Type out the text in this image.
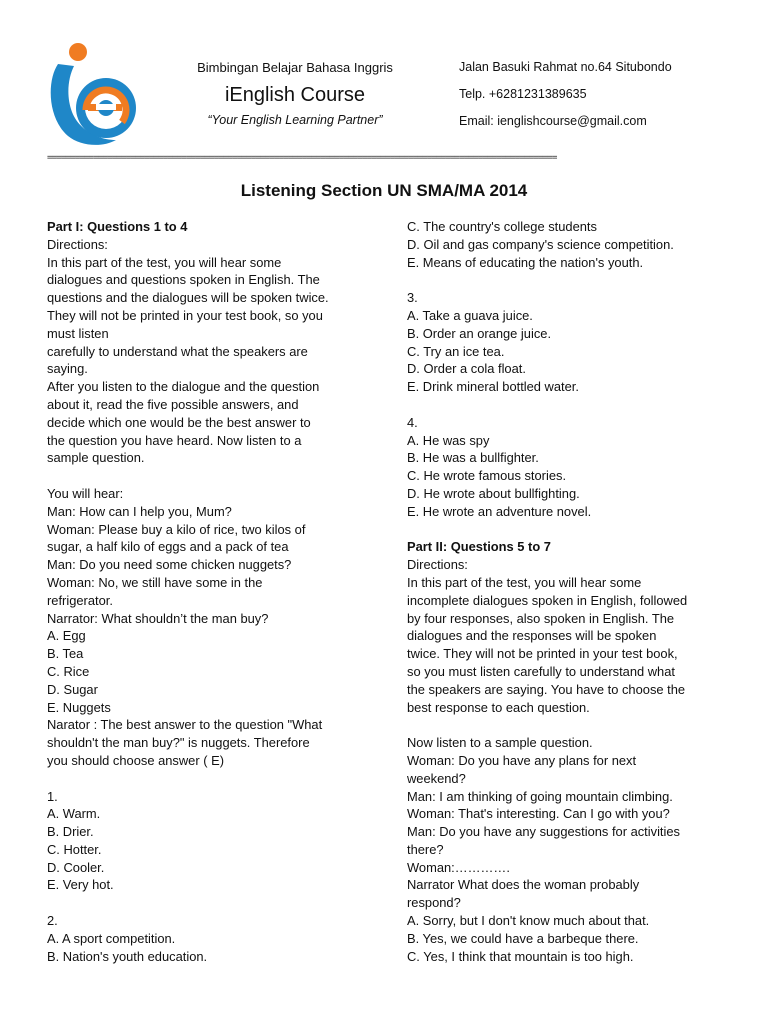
Bimbingan Belajar Bahasa Inggris
iEnglish Course
“Your English Learning Partner”
Jalan Basuki Rahmat no.64 Situbondo
Telp. +6281231389635
Email: ienglishcourse@gmail.com
==============================================================================================================
Listening Section UN SMA/MA 2014
Part I: Questions 1 to 4
Directions:
In this part of the test, you will hear some
dialogues and questions spoken in English. The
questions and the dialogues will be spoken twice.
They will not be printed in your test book, so you
must listen
carefully to understand what the speakers are
saying.
After you listen to the dialogue and the question
about it, read the five possible answers, and
decide which one would be the best answer to
the question you have heard. Now listen to a
sample question.
You will hear:
Man: How can I help you, Mum?
Woman: Please buy a kilo of rice, two kilos of
sugar, a half kilo of eggs and a pack of tea
Man: Do you need some chicken nuggets?
Woman: No, we still have some in the
refrigerator.
Narrator: What shouldn’t the man buy?
A. Egg
B. Tea
C. Rice
D. Sugar
E. Nuggets
Narator : The best answer to the question "What
shouldn't the man buy?" is nuggets. Therefore
you should choose answer ( E)
1.
A. Warm.
B. Drier.
C. Hotter.
D. Cooler.
E. Very hot.
2.
A. A sport competition.
B. Nation's youth education.
C. The country's college students
D. Oil and gas company's science competition.
E. Means of educating the nation's youth.
3.
A. Take a guava juice.
B. Order an orange juice.
C. Try an ice tea.
D. Order a cola float.
E. Drink mineral bottled water.
4.
A. He was spy
B. He was a bullfighter.
C. He wrote famous stories.
D. He wrote about bullfighting.
E. He wrote an adventure novel.
Part II: Questions 5 to 7
Directions:
In this part of the test, you will hear some
incomplete dialogues spoken in English, followed
by four responses, also spoken in English. The
dialogues and the responses will be spoken
twice. They will not be printed in your test book,
so you must listen carefully to understand what
the speakers are saying. You have to choose the
best response to each question.
Now listen to a sample question.
Woman: Do you have any plans for next
weekend?
Man: I am thinking of going mountain climbing.
Woman: That's interesting. Can I go with you?
Man: Do you have any suggestions for activities
there?
Woman:………….
Narrator What does the woman probably
respond?
A. Sorry, but I don't know much about that.
B. Yes, we could have a barbeque there.
C. Yes, I think that mountain is too high.
